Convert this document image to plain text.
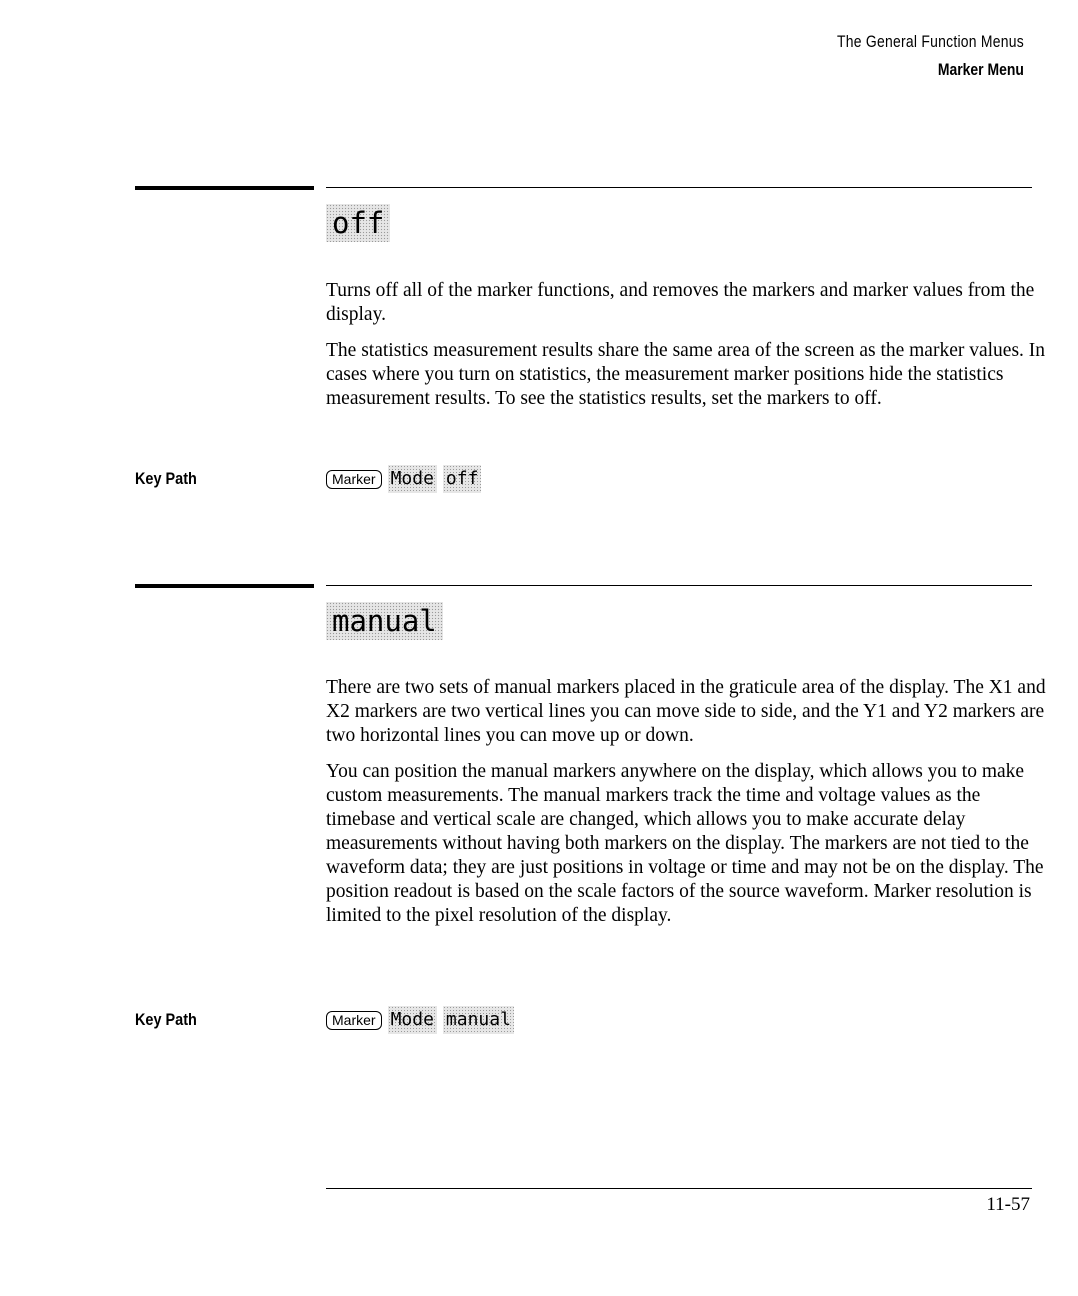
The General Function Menus
Marker Menu
off

Turns off all of the marker functions, and removes the markers and marker values from the display.

The statistics measurement results share the same area of the screen as the marker values. In cases where you turn on statistics, the measurement marker positions hide the statistics measurement results. To see the statistics results, set the markers to off.

Key Path	Marker Mode off
manual

There are two sets of manual markers placed in the graticule area of the display. The X1 and X2 markers are two vertical lines you can move side to side, and the Y1 and Y2 markers are two horizontal lines you can move up or down.

You can position the manual markers anywhere on the display, which allows you to make custom measurements. The manual markers track the time and voltage values as the timebase and vertical scale are changed, which allows you to make accurate delay measurements without having both markers on the display. The markers are not tied to the waveform data; they are just positions in voltage or time and may not be on the display. The position readout is based on the scale factors of the source waveform. Marker resolution is limited to the pixel resolution of the display.

Key Path	Marker Mode manual
11-57
